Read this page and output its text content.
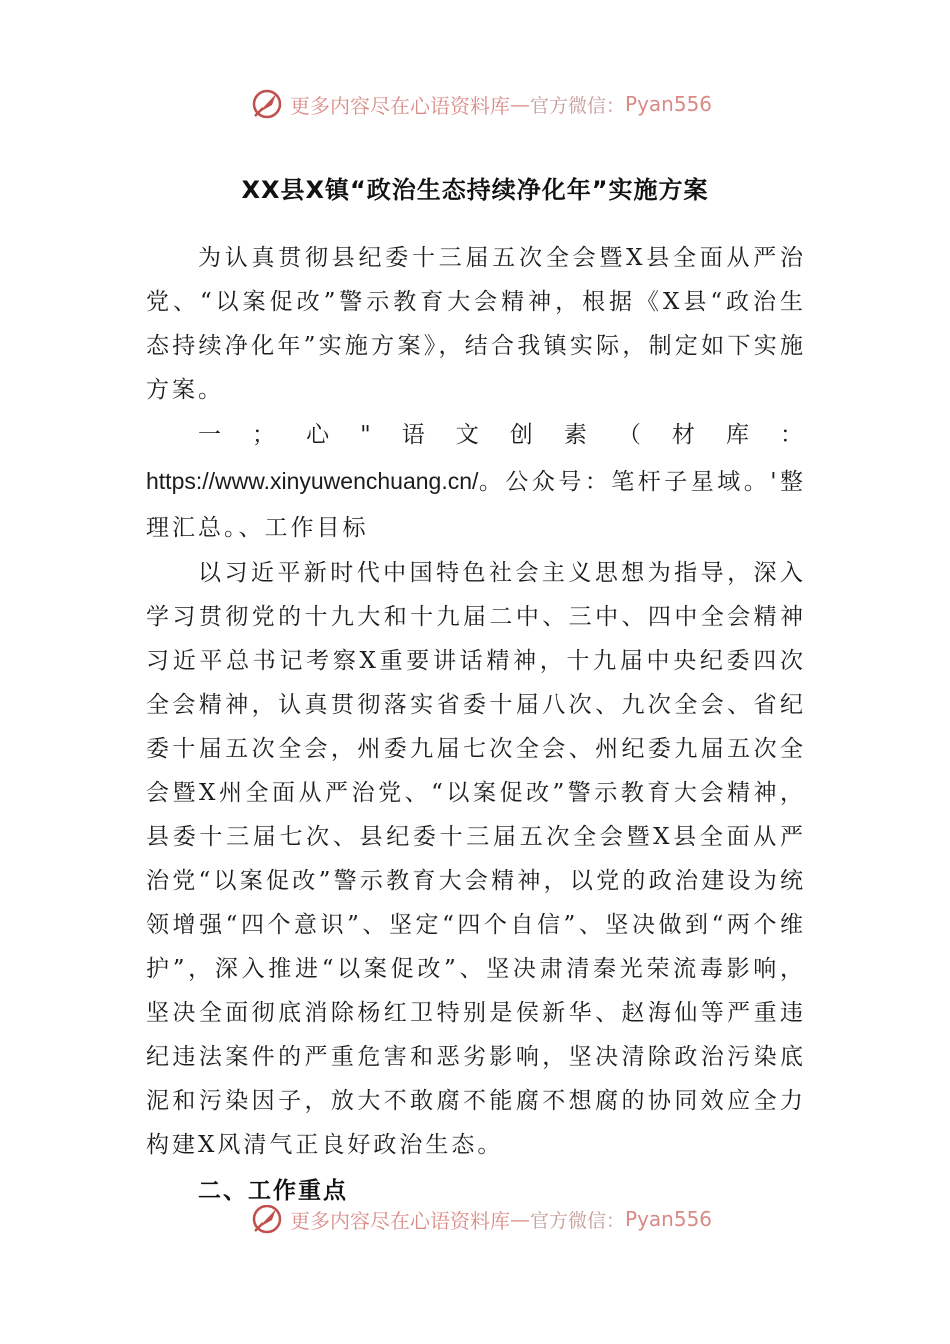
更多内容尽在心语资料库 — 官方微信： Pyan556
XX县X镇“政治生态持续净化年”实施方案

为认真贯彻县纪委十三届五次全会暨X县全面从严治党、“以案促改”警示教育大会精神，根据《X县“政治生态持续净化年”实施方案》，结合我镇实际，制定如下实施方案。

一；心"语文创素（材库：https://www.xinyuwenchuang.cn/。公众号：笔杆子星域。'整理汇总。、工作目标

以习近平新时代中国特色社会主义思想为指导，深入学习贯彻党的十九大和十九届二中、三中、四中全会精神习近平总书记考察X重要讲话精神，十九届中央纪委四次全会精神，认真贯彻落实省委十届八次、九次全会、省纪委十届五次全会，州委九届七次全会、州纪委九届五次全会暨X州全面从严治党、“以案促改”警示教育大会精神，县委十三届七次、县纪委十三届五次全会暨X县全面从严治党“以案促改”警示教育大会精神，以党的政治建设为统领增强“四个意识”、坚定“四个自信”、坚决做到“两个维护”，深入推进“以案促改”、坚决肃清秦光荣流毒影响，坚决全面彻底消除杨红卫特别是侯新华、赵海仙等严重违纪违法案件的严重危害和恶劣影响，坚决清除政治污染底泥和污染因子，放大不敢腐不能腐不想腐的协同效应全力构建X风清气正良好政治生态。

二、工作重点

更多内容尽在心语资料库 — 官方微信： Pyan556
